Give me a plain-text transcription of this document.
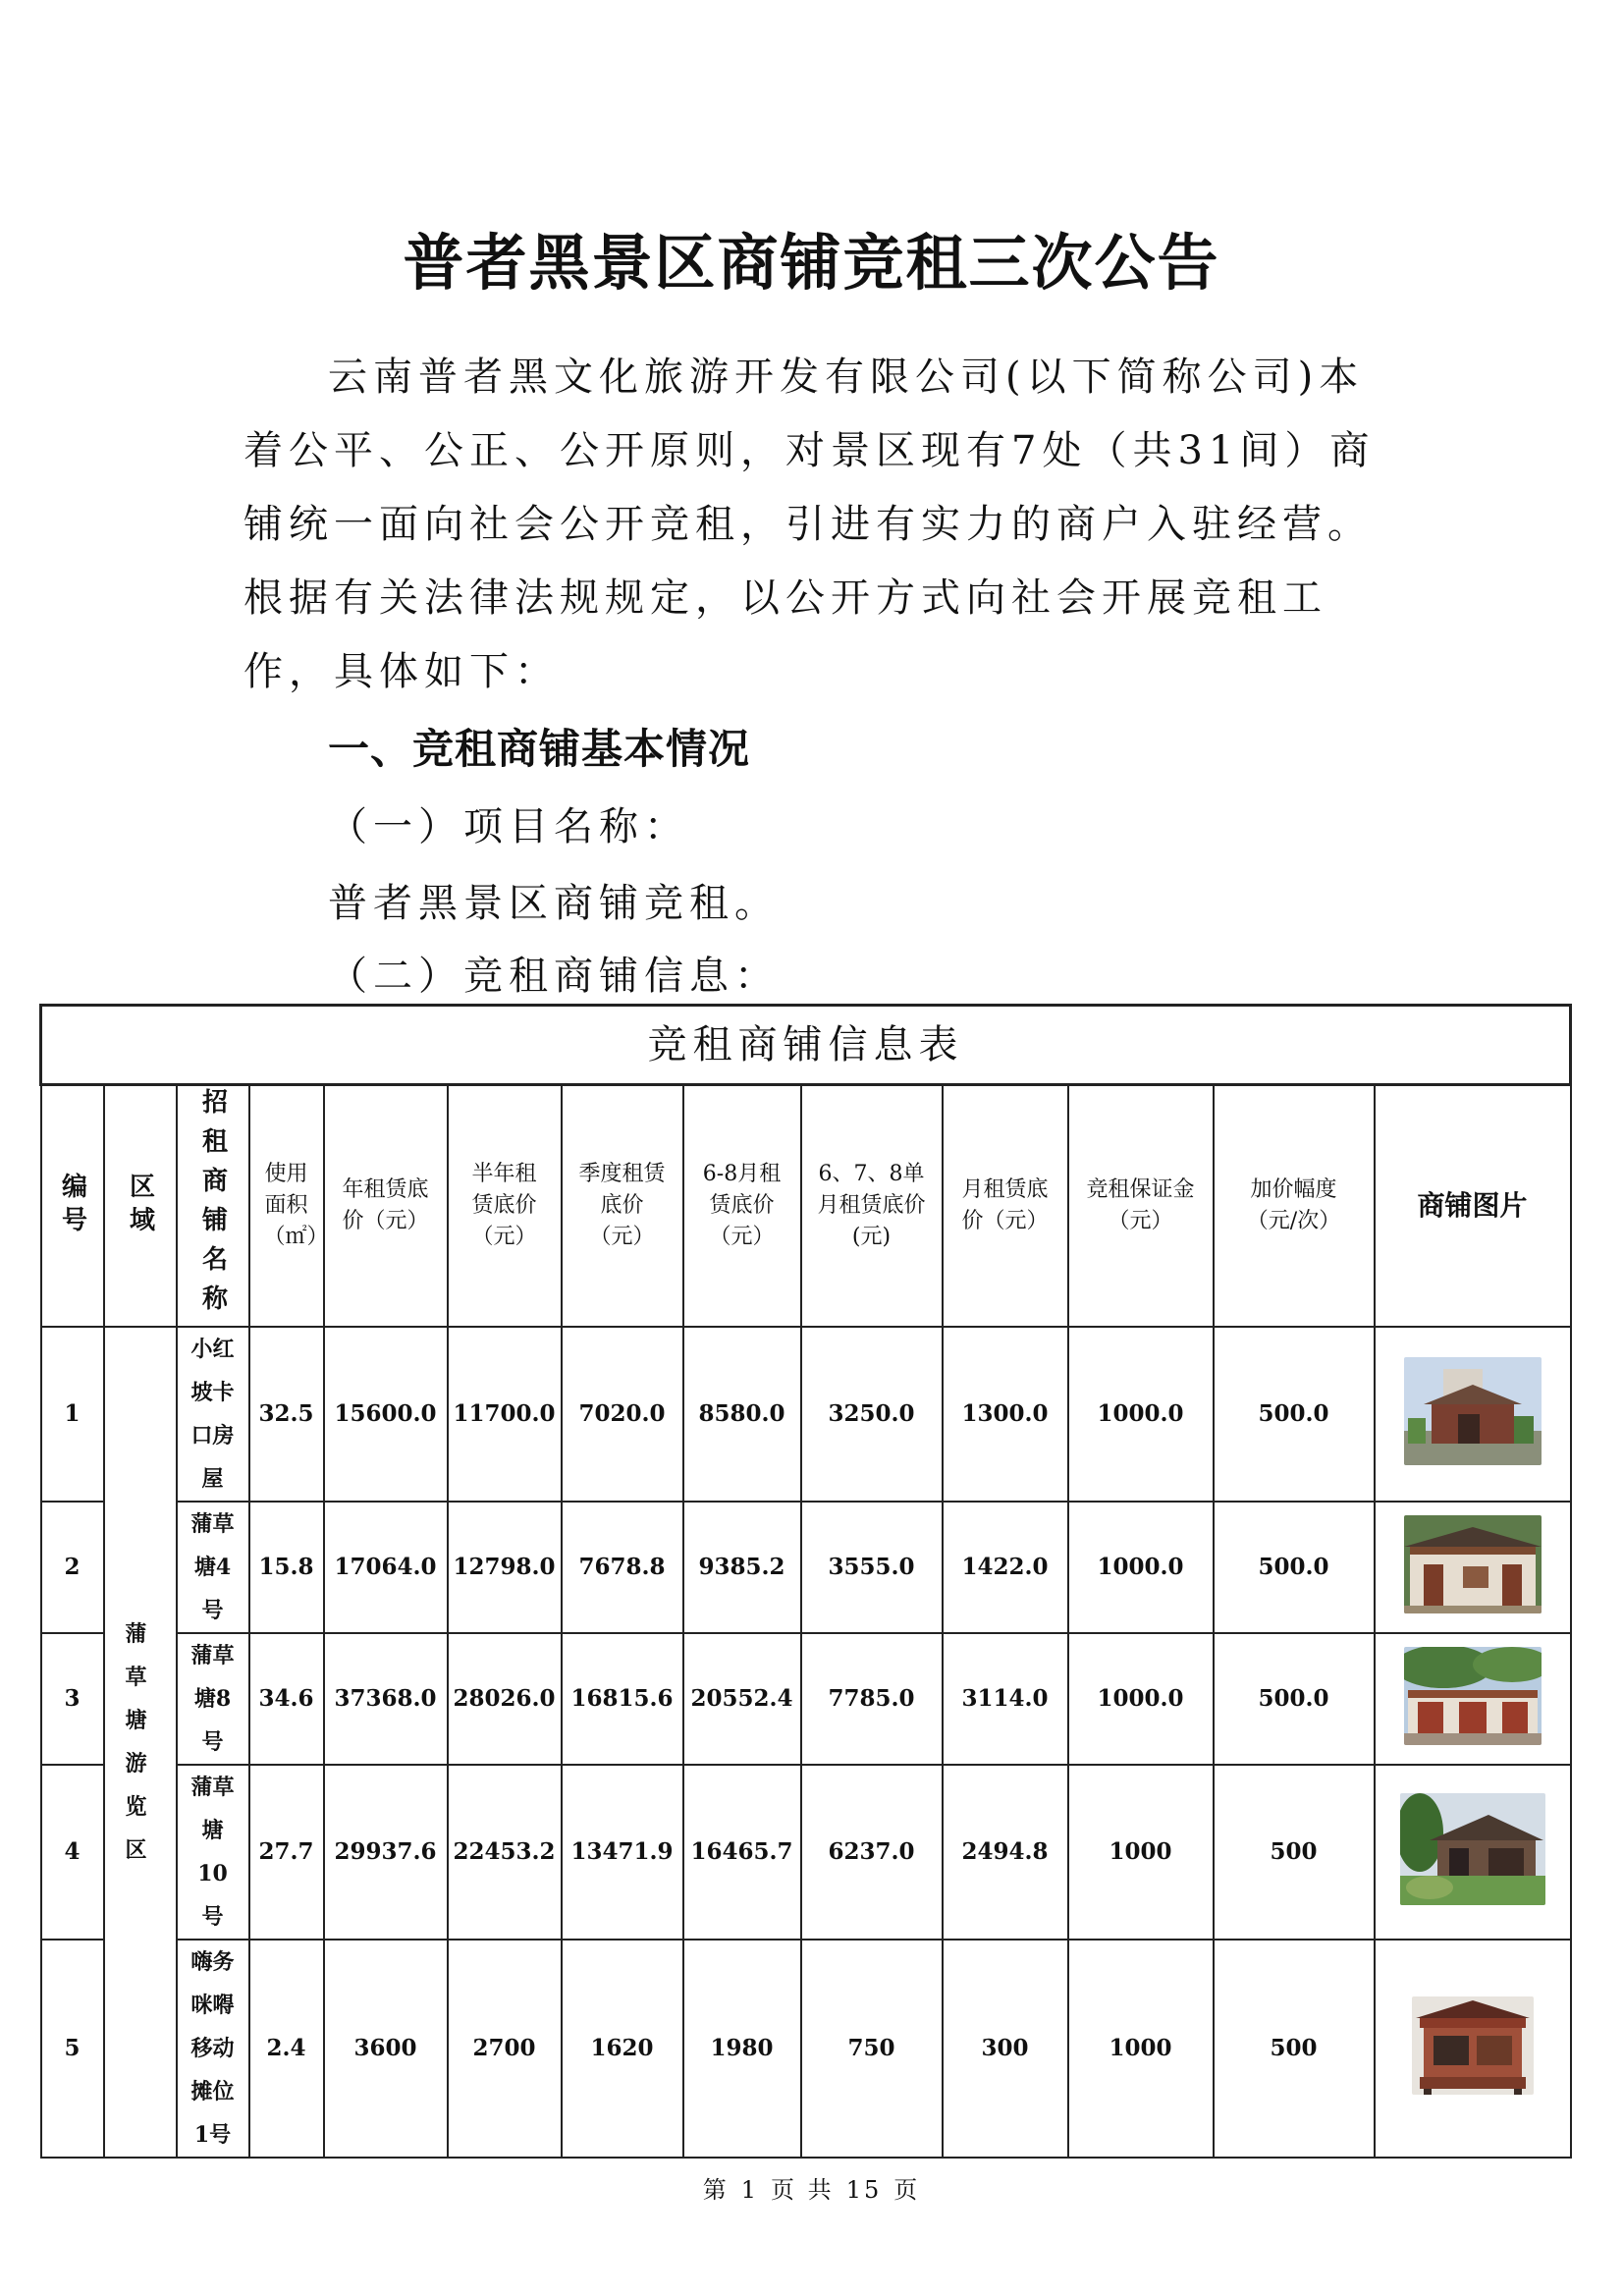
普者黑景区商铺竞租三次公告
云南普者黑文化旅游开发有限公司(以下简称公司)本着公平、公正、公开原则，对景区现有7处（共31间）商铺统一面向社会公开竞租，引进有实力的商户入驻经营。根据有关法律法规规定，以公开方式向社会开展竞租工作，具体如下：
一、竞租商铺基本情况
（一）项目名称：
普者黑景区商铺竞租。
（二）竞租商铺信息：
竞租商铺信息表												

编号	区域	招租商铺名称	使用面积（㎡）	年租赁底价（元）	半年租赁底价（元）	季度租赁底价（元）	6-8月租赁底价（元）	6、7、8单月租赁底价(元)	月租赁底价（元）	竞租保证金（元）	加价幅度（元/次）	商铺图片

1	蒲草塘游览区	小红坡卡口房屋	32.5	15600.0	11700.0	7020.0	8580.0	3250.0	1300.0	1000.0	500.0	
2		蒲草塘4号	15.8	17064.0	12798.0	7678.8	9385.2	3555.0	1422.0	1000.0	500.0	
3		蒲草塘8号	34.6	37368.0	28026.0	16815.6	20552.4	7785.0	3114.0	1000.0	500.0	
4		蒲草塘10号	27.7	29937.6	22453.2	13471.9	16465.7	6237.0	2494.8	1000	500	
5		嗨务咪嘚移动摊位1号	2.4	3600	2700	1620	1980	750	300	1000	500	
第 1 页 共 15 页
